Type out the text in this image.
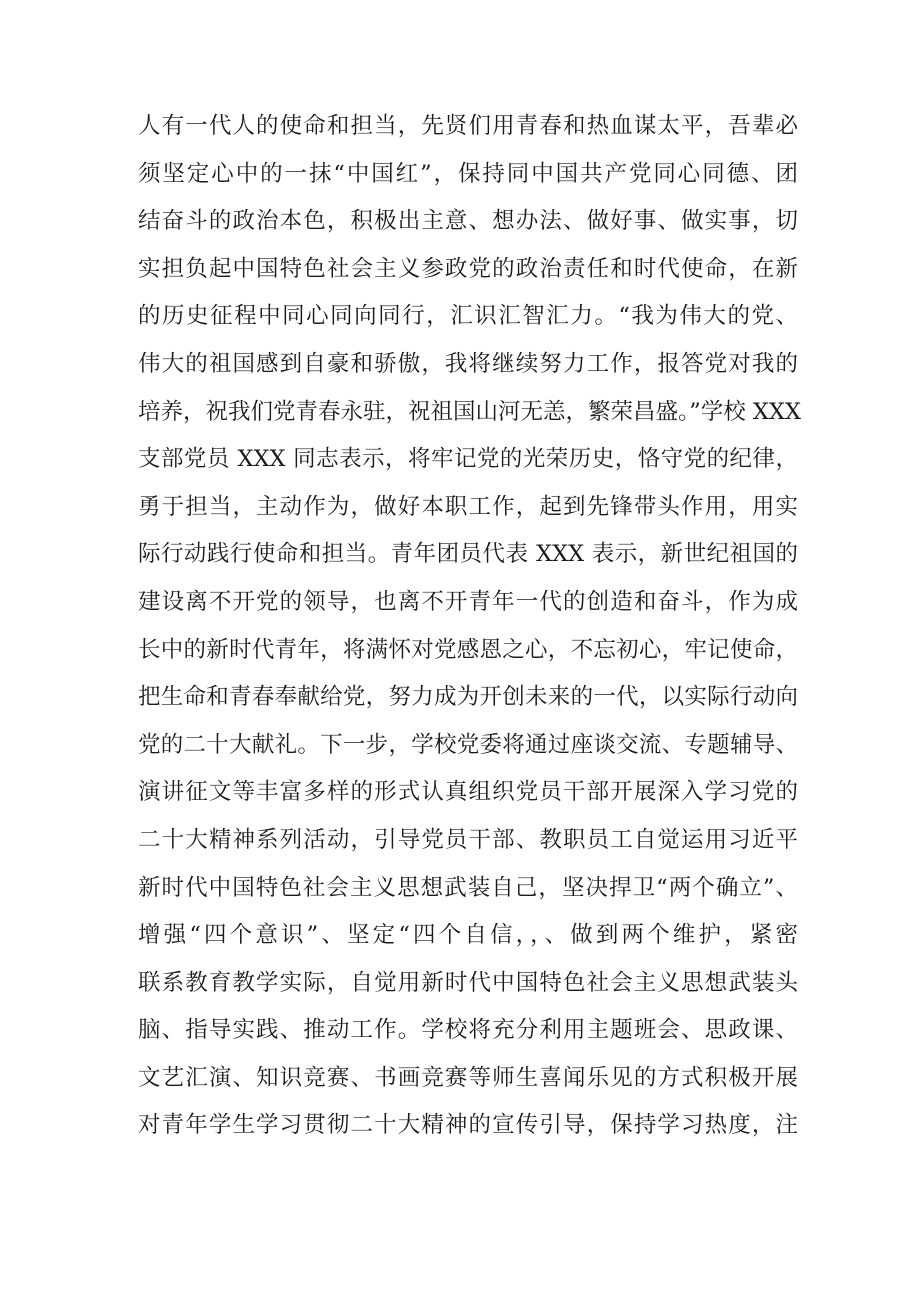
人有一代人的使命和担当，先贤们用青春和热血谋太平，吾辈必
须坚定心中的一抹“中国红”，保持同中国共产党同心同德、团
结奋斗的政治本色，积极出主意、想办法、做好事、做实事，切
实担负起中国特色社会主义参政党的政治责任和时代使命，在新
的历史征程中同心同向同行，汇识汇智汇力。“我为伟大的党、
伟大的祖国感到自豪和骄傲，我将继续努力工作，报答党对我的
培养，祝我们党青春永驻，祝祖国山河无恙，繁荣昌盛。”学校 XXX
支部党员 XXX 同志表示，将牢记党的光荣历史，恪守党的纪律，
勇于担当，主动作为，做好本职工作，起到先锋带头作用，用实
际行动践行使命和担当。青年团员代表 XXX 表示，新世纪祖国的
建设离不开党的领导，也离不开青年一代的创造和奋斗，作为成
长中的新时代青年，将满怀对党感恩之心，不忘初心，牢记使命，
把生命和青春奉献给党，努力成为开创未来的一代，以实际行动向
党的二十大献礼。下一步，学校党委将通过座谈交流、专题辅导、
演讲征文等丰富多样的形式认真组织党员干部开展深入学习党的
二十大精神系列活动，引导党员干部、教职员工自觉运用习近平
新时代中国特色社会主义思想武装自己，坚决捍卫“两个确立”、
增强“四个意识”、坚定“四个自信，，、做到两个维护，紧密
联系教育教学实际，自觉用新时代中国特色社会主义思想武装头
脑、指导实践、推动工作。学校将充分利用主题班会、思政课、
文艺汇演、知识竞赛、书画竞赛等师生喜闻乐见的方式积极开展
对青年学生学习贯彻二十大精神的宣传引导，保持学习热度，注
